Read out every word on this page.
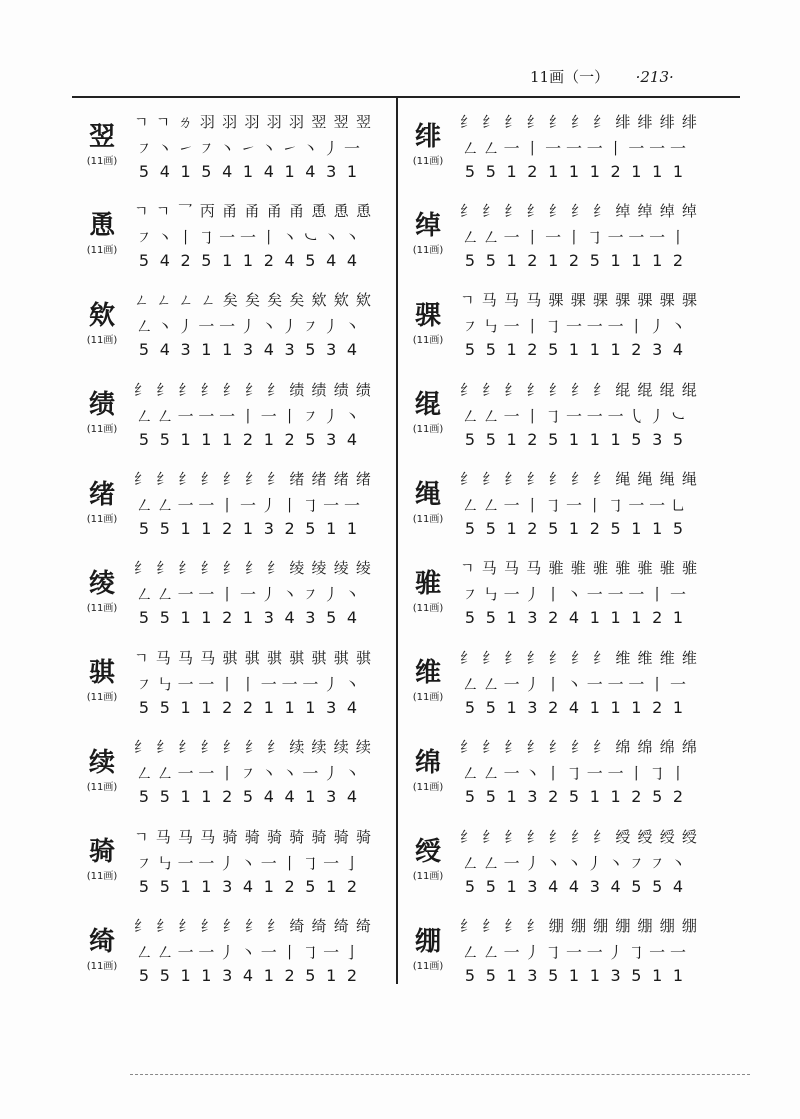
11画（一） ·213·
翌
(11画)
ㄱ ㄱ ㄌ 羽 羽 羽 羽 羽 翌 翌 翌
㇇ 丶 ㇀ ㇇ 丶 ㇀ 丶 ㇀ 丶 丿 一
5 4 1 5 4 1 4 1 4 3 1
恿
(11画)
ㄱ ㄱ 乛 丙 甬 甬 甬 甬 恿 恿 恿
㇇ 丶 丨 ㇆ 一 一 丨 丶 ㇃ 丶 丶
5 4 2 5 1 1 2 4 5 4 4
欸
(11画)
ㄥ ㄥ ㄥ ㄥ 矣 矣 矣 矣 欸 欸 欸
㇜ 丶 丿 一 一 丿 丶 丿 ㇇ 丿 丶
5 4 3 1 1 3 4 3 5 3 4
绩
(11画)
纟 纟 纟 纟 纟 纟 纟 绩 绩 绩 绩
㇜ ㇜ 一 一 一 丨 一 丨 ㇇ 丿 丶
5 5 1 1 1 2 1 2 5 3 4
绪
(11画)
纟 纟 纟 纟 纟 纟 纟 绪 绪 绪 绪
㇜ ㇜ 一 一 丨 一 丿 丨 ㇆ 一 一
5 5 1 1 2 1 3 2 5 1 1
绫
(11画)
纟 纟 纟 纟 纟 纟 纟 绫 绫 绫 绫
㇜ ㇜ 一 一 丨 一 丿 丶 ㇇ 丿 丶
5 5 1 1 2 1 3 4 3 5 4
骐
(11画)
ㄱ 马 马 马 骐 骐 骐 骐 骐 骐 骐
㇇ ㇉ 一 一 丨 丨 一 一 一 丿 丶
5 5 1 1 2 2 1 1 1 3 4
续
(11画)
纟 纟 纟 纟 纟 纟 纟 续 续 续 续
㇜ ㇜ 一 一 丨 ㇇ 丶 丶 一 丿 丶
5 5 1 1 2 5 4 4 1 3 4
骑
(11画)
ㄱ 马 马 马 骑 骑 骑 骑 骑 骑 骑
㇇ ㇉ 一 一 丿 丶 一 丨 ㇆ 一 亅
5 5 1 1 3 4 1 2 5 1 2
绮
(11画)
纟 纟 纟 纟 纟 纟 纟 绮 绮 绮 绮
㇜ ㇜ 一 一 丿 丶 一 丨 ㇆ 一 亅
5 5 1 1 3 4 1 2 5 1 2
绯
(11画)
纟 纟 纟 纟 纟 纟 纟 绯 绯 绯 绯
㇜ ㇜ 一 丨 一 一 一 丨 一 一 一
5 5 1 2 1 1 1 2 1 1 1
绰
(11画)
纟 纟 纟 纟 纟 纟 纟 绰 绰 绰 绰
㇜ ㇜ 一 丨 一 丨 ㇆ 一 一 一 丨
5 5 1 2 1 2 5 1 1 1 2
骒
(11画)
ㄱ 马 马 马 骒 骒 骒 骒 骒 骒 骒
㇇ ㇉ 一 丨 ㇆ 一 一 一 丨 丿 丶
5 5 1 2 5 1 1 1 2 3 4
绲
(11画)
纟 纟 纟 纟 纟 纟 纟 绲 绲 绲 绲
㇜ ㇜ 一 丨 ㇆ 一 一 一 ㇂ 丿 ㇃
5 5 1 2 5 1 1 1 5 3 5
绳
(11画)
纟 纟 纟 纟 纟 纟 纟 绳 绳 绳 绳
㇜ ㇜ 一 丨 ㇆ 一 丨 ㇆ 一 一 ㇟
5 5 1 2 5 1 2 5 1 1 5
骓
(11画)
ㄱ 马 马 马 骓 骓 骓 骓 骓 骓 骓
㇇ ㇉ 一 丿 丨 丶 一 一 一 丨 一
5 5 1 3 2 4 1 1 1 2 1
维
(11画)
纟 纟 纟 纟 纟 纟 纟 维 维 维 维
㇜ ㇜ 一 丿 丨 丶 一 一 一 丨 一
5 5 1 3 2 4 1 1 1 2 1
绵
(11画)
纟 纟 纟 纟 纟 纟 纟 绵 绵 绵 绵
㇜ ㇜ 一 丶 丨 ㇆ 一 一 丨 ㇆ 丨
5 5 1 3 2 5 1 1 2 5 2
绶
(11画)
纟 纟 纟 纟 纟 纟 纟 绶 绶 绶 绶
㇜ ㇜ 一 丿 丶 丶 丿 丶 ㇇ ㇇ 丶
5 5 1 3 4 4 3 4 5 5 4
绷
(11画)
纟 纟 纟 纟 绷 绷 绷 绷 绷 绷 绷
㇜ ㇜ 一 丿 ㇆ 一 一 丿 ㇆ 一 一
5 5 1 3 5 1 1 3 5 1 1
